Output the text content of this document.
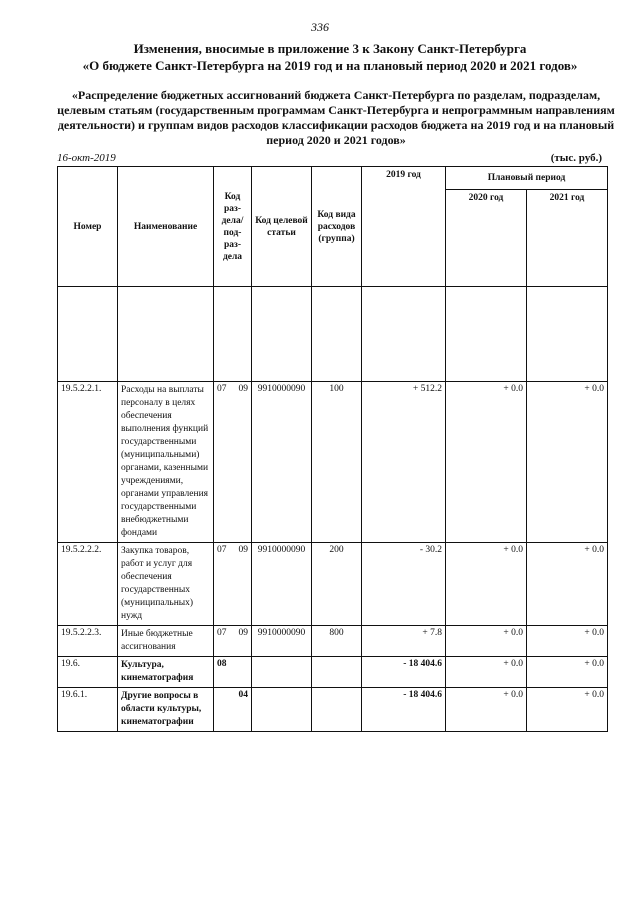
336
Изменения, вносимые в приложение 3 к Закону Санкт-Петербурга
«О бюджете Санкт-Петербурга на 2019 год и на плановый период 2020 и 2021 годов»
«Распределение бюджетных ассигнований бюджета Санкт-Петербурга по разделам, подразделам, целевым статьям (государственным программам Санкт-Петербурга и непрограммным направлениям деятельности) и группам видов расходов классификации расходов бюджета на 2019 год и на плановый период 2020 и 2021 годов»
16-окт-2019	(тыс. руб.)
Номер	Наименование	Код раз-дела/под-раз-дела	Код целевой статьи	Код вида расходов (группа)	2019 год	Плановый период	
						2020 год	2021 год

19.5.2.2.1.	Расходы на выплаты персоналу в целях обеспечения выполнения функций государственными (муниципальными) органами, казенными учреждениями, органами управления государственными внебюджетными фондами	07 09	9910000090	100	+ 512.2	+ 0.0	+ 0.0
19.5.2.2.2.	Закупка товаров, работ и услуг для обеспечения государственных (муниципальных) нужд	07 09	9910000090	200	- 30.2	+ 0.0	+ 0.0
19.5.2.2.3.	Иные бюджетные ассигнования	07 09	9910000090	800	+ 7.8	+ 0.0	+ 0.0
19.6.	Культура, кинематография	08			- 18 404.6	+ 0.0	+ 0.0
19.6.1.	Другие вопросы в области культуры, кинематографии	04			- 18 404.6	+ 0.0	+ 0.0
